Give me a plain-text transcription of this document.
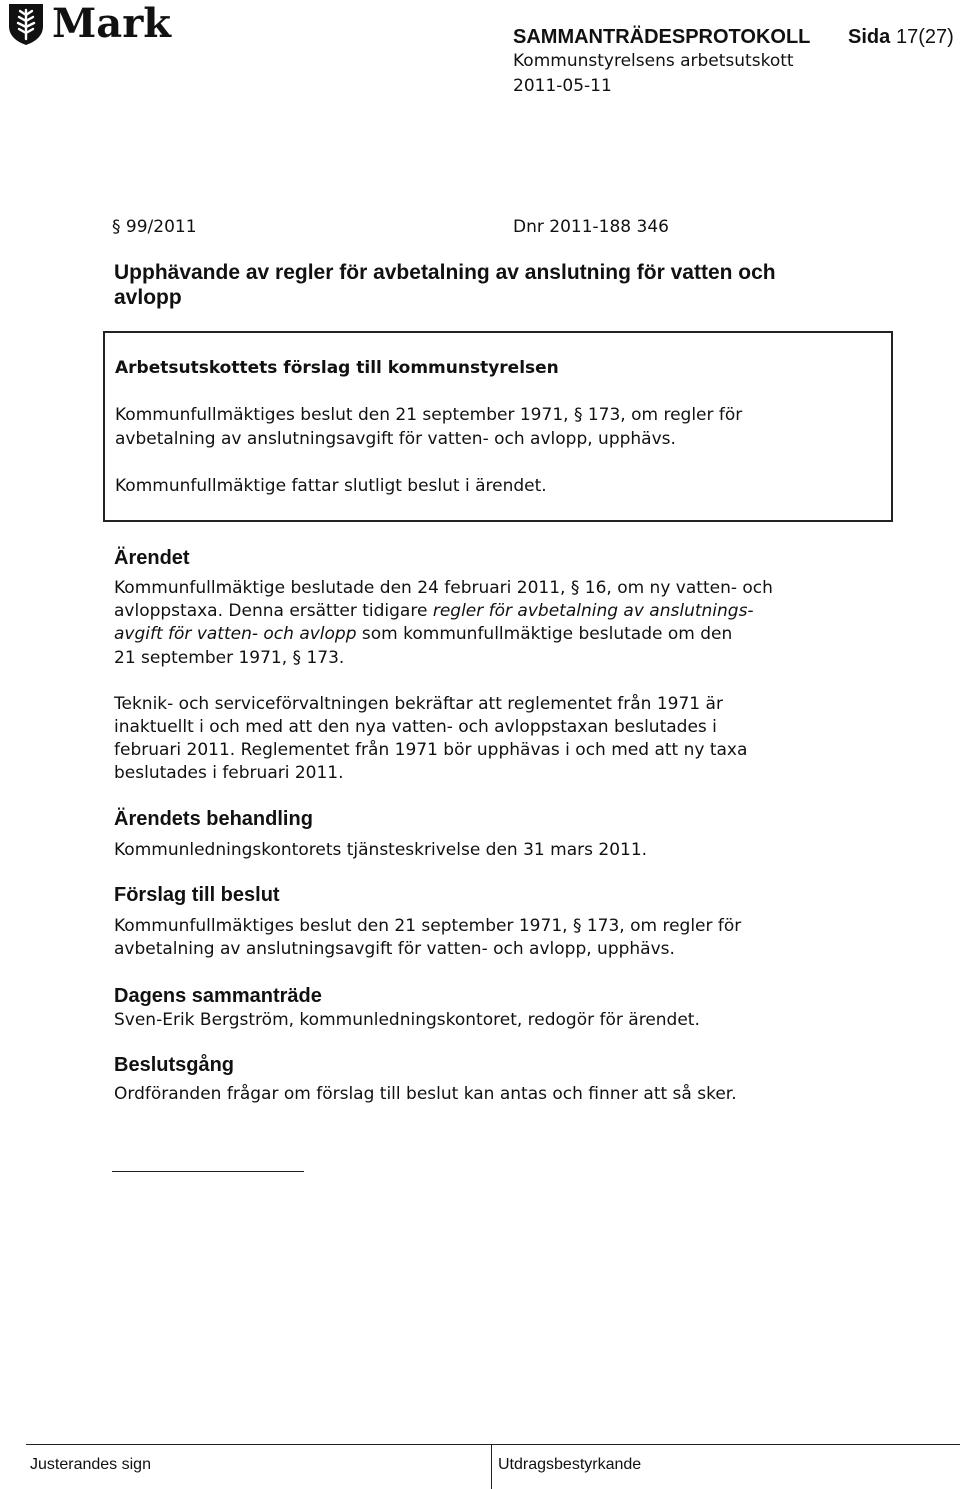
Mark	SAMMANTRÄDESPROTOKOLL Sida 17(27)
Kommunstyrelsens arbetsutskott
2011-05-11
§ 99/2011	Dnr 2011-188 346
Upphävande av regler för avbetalning av anslutning för vatten och
avlopp
Arbetsutskottets förslag till kommunstyrelsen
Kommunfullmäktiges beslut den 21 september 1971, § 173, om regler för
avbetalning av anslutningsavgift för vatten- och avlopp, upphävs.
Kommunfullmäktige fattar slutligt beslut i ärendet.
Ärendet
Kommunfullmäktige beslutade den 24 februari 2011, § 16, om ny vatten- och
avloppstaxa. Denna ersätter tidigare regler för avbetalning av anslutnings-
avgift för vatten- och avlopp som kommunfullmäktige beslutade om den
21 september 1971, § 173.
Teknik- och serviceförvaltningen bekräftar att reglementet från 1971 är
inaktuellt i och med att den nya vatten- och avloppstaxan beslutades i
februari 2011. Reglementet från 1971 bör upphävas i och med att ny taxa
beslutades i februari 2011.
Ärendets behandling
Kommunledningskontorets tjänsteskrivelse den 31 mars 2011.
Förslag till beslut
Kommunfullmäktiges beslut den 21 september 1971, § 173, om regler för
avbetalning av anslutningsavgift för vatten- och avlopp, upphävs.
Dagens sammanträde
Sven-Erik Bergström, kommunledningskontoret, redogör för ärendet.
Beslutsgång
Ordföranden frågar om förslag till beslut kan antas och finner att så sker.
Justerandes sign	Utdragsbestyrkande
